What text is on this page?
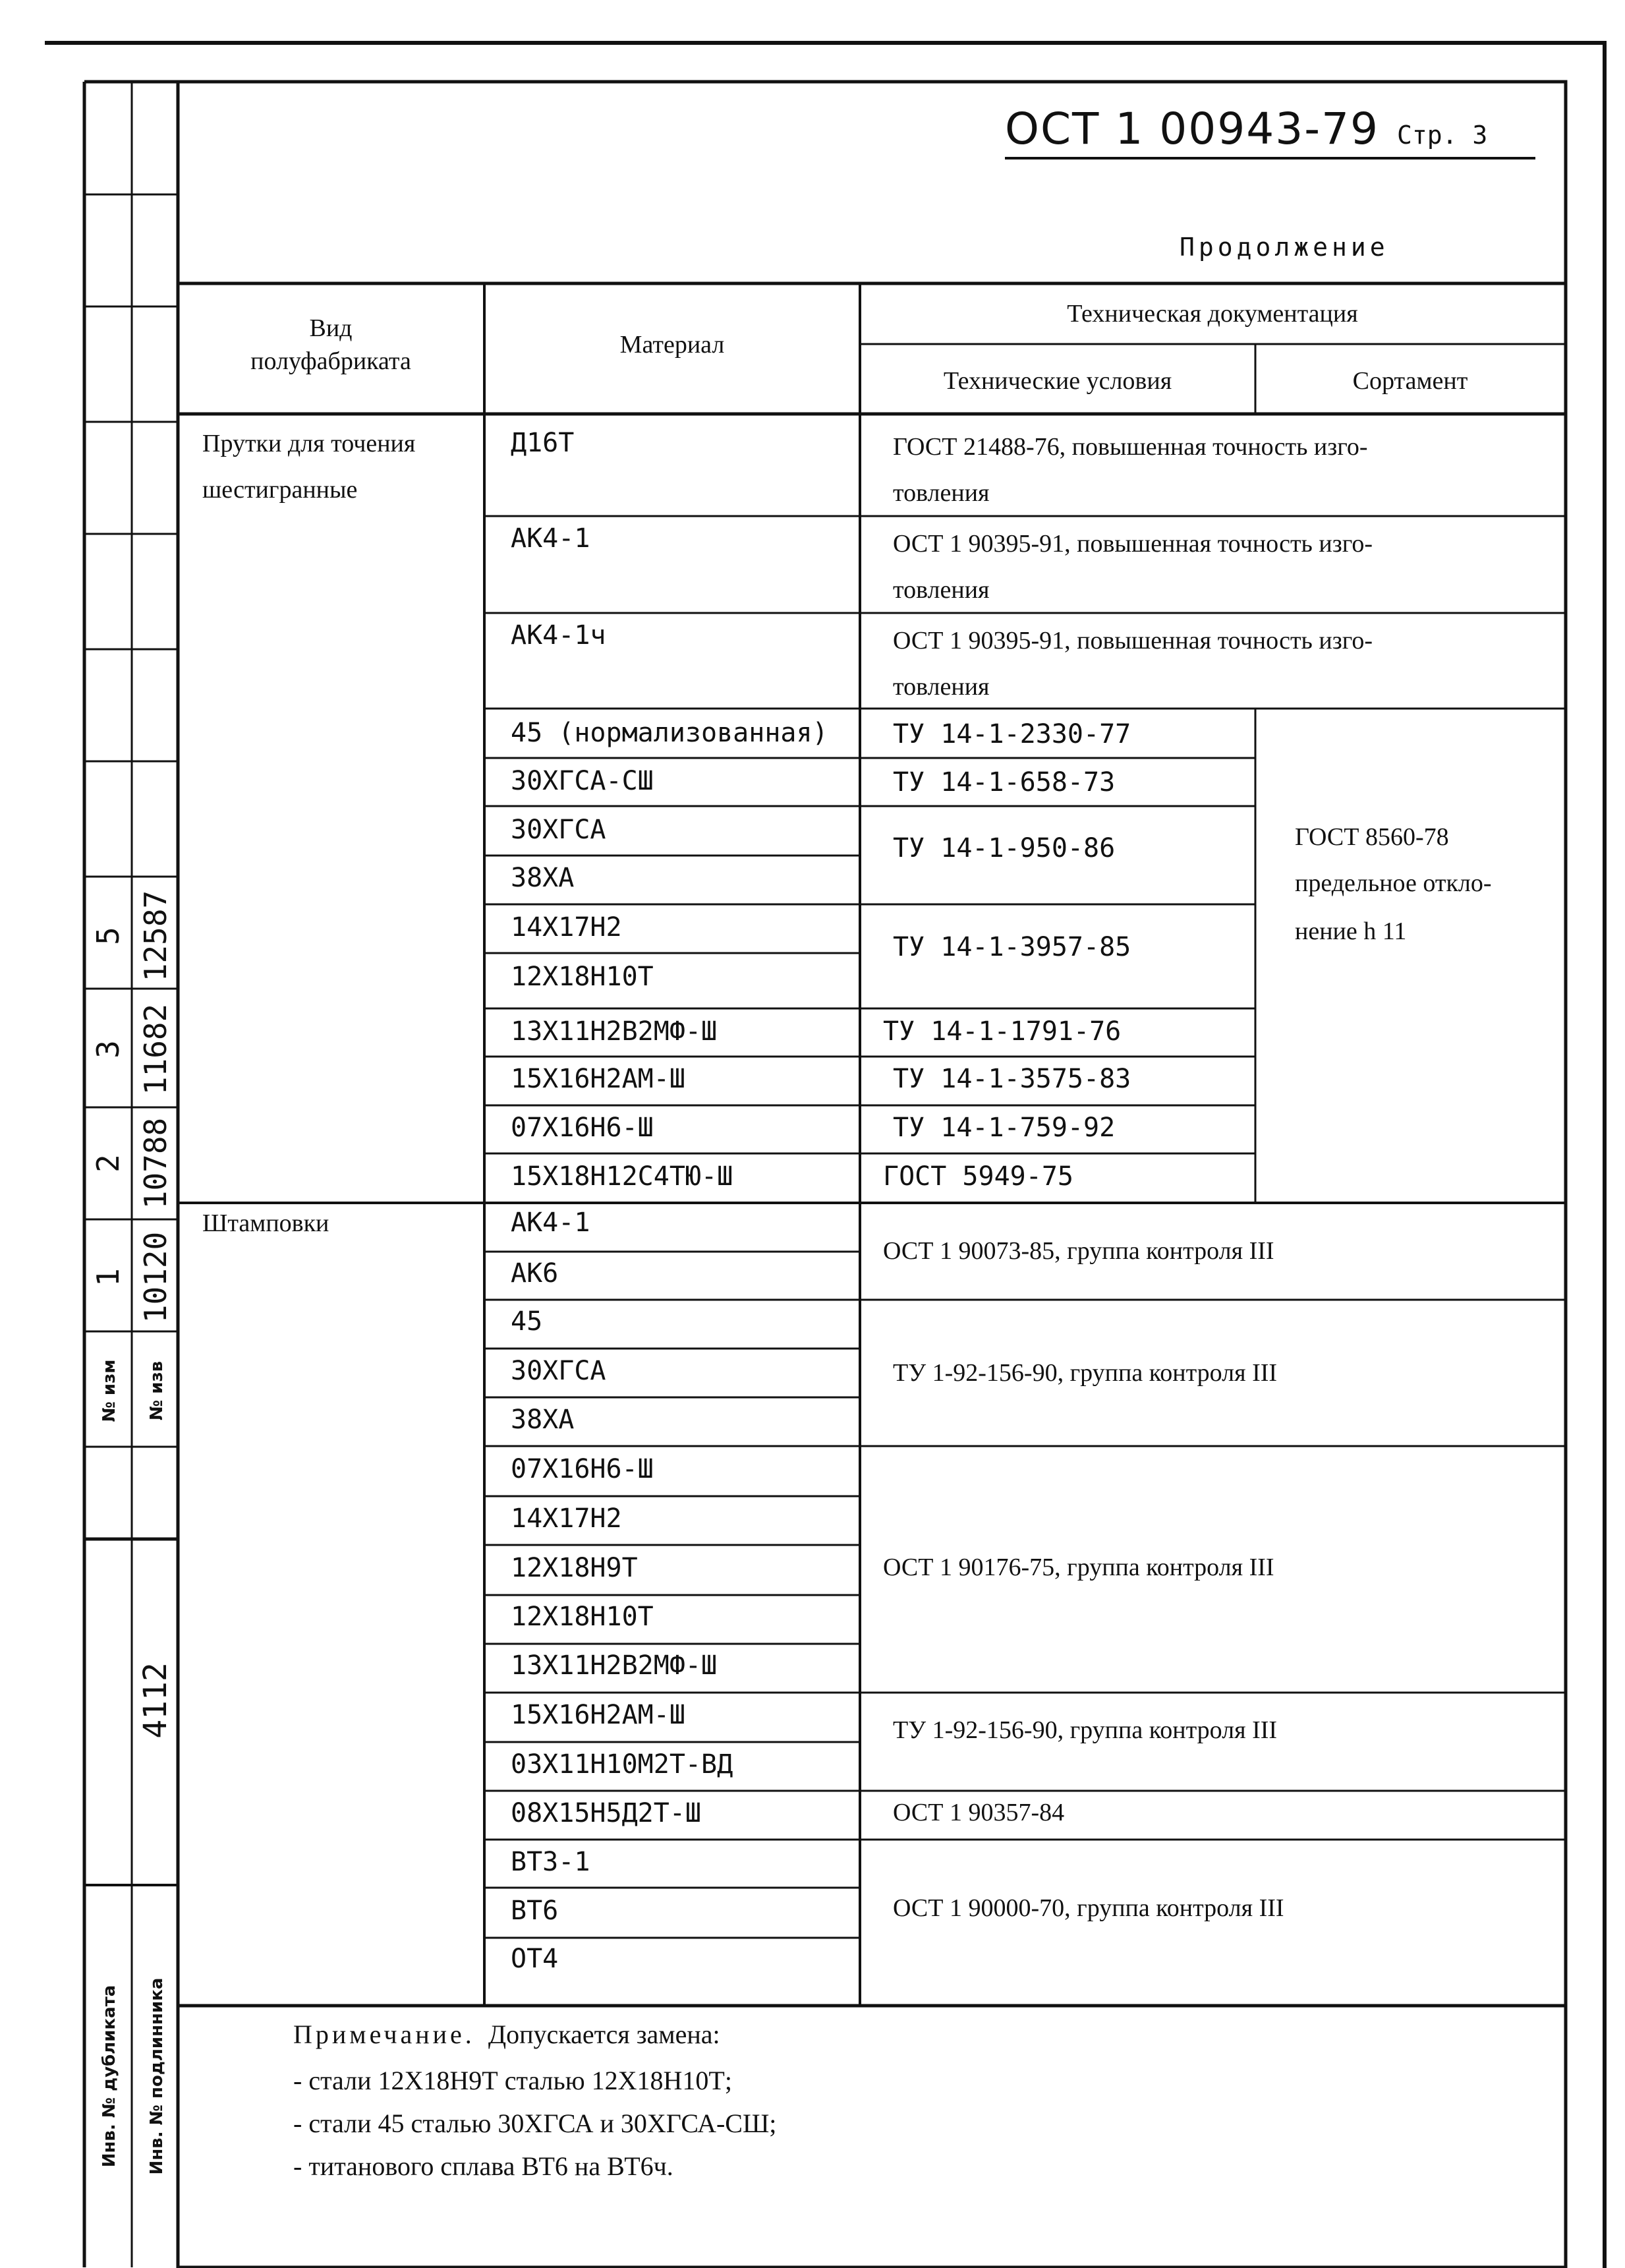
5 12587
3 11682
2 10788
1 10120
№ изм № изв
Инв. № дубликата Инв. № подлинника
4112
ОСТ 1 00943-79 Стр. 3
Продолжение
Вид
полуфабриката
Материал
Техническая документация
Технические условия	Сортамент
Прутки для точения
шестигранные
Штамповки
Д16Т
АК4-1
АК4-1ч
45 (нормализованная)
30ХГСА-СШ
30ХГСА
38ХА
14Х17Н2
12Х18Н10Т
13Х11Н2В2МФ-Ш
15Х16Н2АМ-Ш
07Х16Н6-Ш
15Х18Н12С4ТЮ-Ш
АК4-1
АК6
45
30ХГСА
38ХА
07Х16Н6-Ш
14Х17Н2
12Х18Н9Т
12Х18Н10Т
13Х11Н2В2МФ-Ш
15Х16Н2АМ-Ш
03Х11Н10М2Т-ВД
08Х15Н5Д2Т-Ш
ВТ3-1
ВТ6
ОТ4
ГОСТ 21488-76, повышенная точность изго-
товления
ОСТ 1 90395-91, повышенная точность изго-
товления
ОСТ 1 90395-91, повышенная точность изго-
товления
ТУ 14-1-2330-77
ТУ 14-1-658-73
ТУ 14-1-950-86
ТУ 14-1-3957-85
ТУ 14-1-1791-76
ТУ 14-1-3575-83
ТУ 14-1-759-92
ГОСТ 5949-75
ГОСТ 8560-78
предельное откло-
нение h 11
ОСТ 1 90073-85, группа контроля III
ТУ 1-92-156-90, группа контроля III
ОСТ 1 90176-75, группа контроля III
ТУ 1-92-156-90, группа контроля III
ОСТ 1 90357-84
ОСТ 1 90000-70, группа контроля III
Примечание. Допускается замена:
- стали 12Х18Н9Т сталью 12Х18Н10Т;
- стали 45 сталью 30ХГСА и 30ХГСА-СШ;
- титанового сплава ВТ6 на ВТ6ч.
